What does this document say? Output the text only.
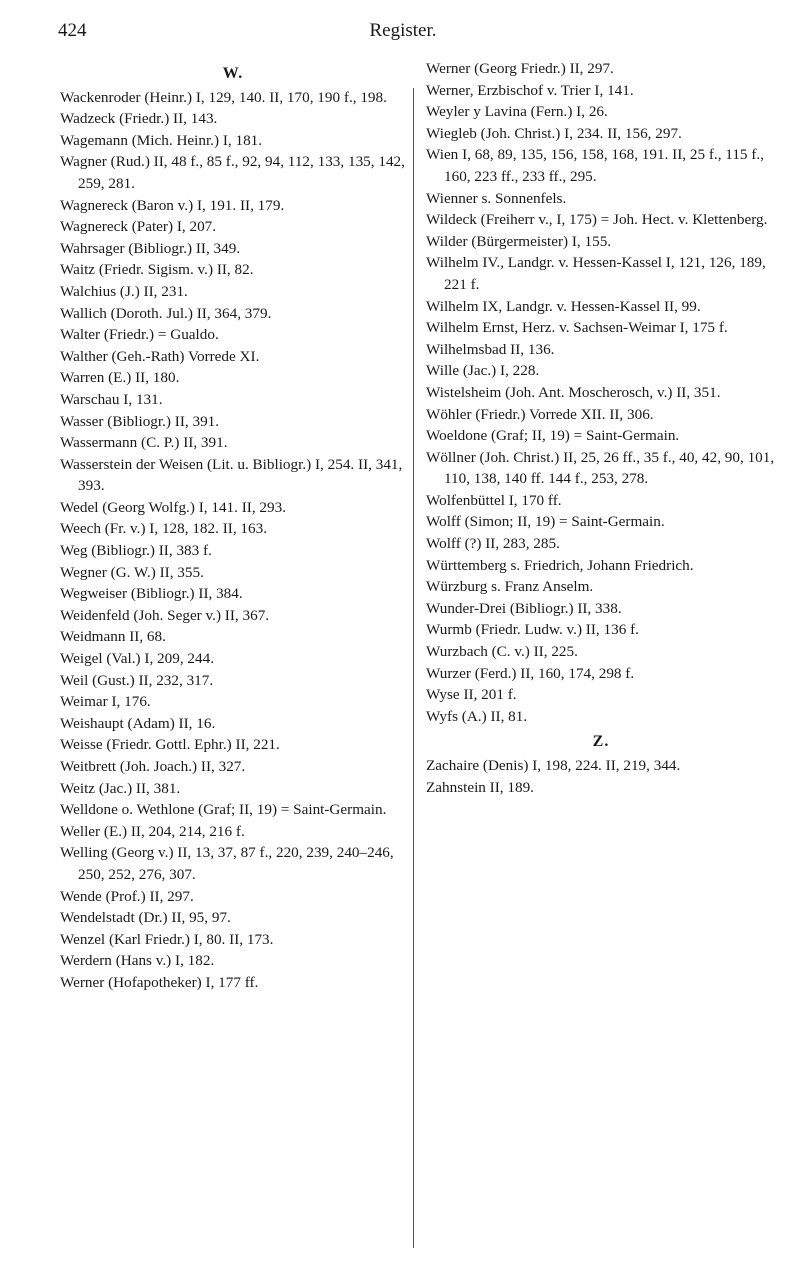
424	Register.
W.
Wackenroder (Heinr.) I, 129, 140. II, 170, 190 f., 198.
Wadzeck (Friedr.) II, 143.
Wagemann (Mich. Heinr.) I, 181.
Wagner (Rud.) II, 48 f., 85 f., 92, 94, 112, 133, 135, 142, 259, 281.
Wagnereck (Baron v.) I, 191. II, 179.
Wagnereck (Pater) I, 207.
Wahrsager (Bibliogr.) II, 349.
Waitz (Friedr. Sigism. v.) II, 82.
Walchius (J.) II, 231.
Wallich (Doroth. Jul.) II, 364, 379.
Walter (Friedr.) = Gualdo.
Walther (Geh.-Rath) Vorrede XI.
Warren (E.) II, 180.
Warschau I, 131.
Wasser (Bibliogr.) II, 391.
Wassermann (C. P.) II, 391.
Wasserstein der Weisen (Lit. u. Bibliogr.) I, 254. II, 341, 393.
Wedel (Georg Wolfg.) I, 141. II, 293.
Weech (Fr. v.) I, 128, 182. II, 163.
Weg (Bibliogr.) II, 383 f.
Wegner (G. W.) II, 355.
Wegweiser (Bibliogr.) II, 384.
Weidenfeld (Joh. Seger v.) II, 367.
Weidmann II, 68.
Weigel (Val.) I, 209, 244.
Weil (Gust.) II, 232, 317.
Weimar I, 176.
Weishaupt (Adam) II, 16.
Weisse (Friedr. Gottl. Ephr.) II, 221.
Weitbrett (Joh. Joach.) II, 327.
Weitz (Jac.) II, 381.
Welldone o. Wethlone (Graf; II, 19) = Saint-Germain.
Weller (E.) II, 204, 214, 216 f.
Welling (Georg v.) II, 13, 37, 87 f., 220, 239, 240–246, 250, 252, 276, 307.
Wende (Prof.) II, 297.
Wendelstadt (Dr.) II, 95, 97.
Wenzel (Karl Friedr.) I, 80. II, 173.
Werdern (Hans v.) I, 182.
Werner (Hofapotheker) I, 177 ff.
Werner (Georg Friedr.) II, 297.
Werner, Erzbischof v. Trier I, 141.
Weyler y Lavina (Fern.) I, 26.
Wiegleb (Joh. Christ.) I, 234. II, 156, 297.
Wien I, 68, 89, 135, 156, 158, 168, 191. II, 25 f., 115 f., 160, 223 ff., 233 ff., 295.
Wienner s. Sonnenfels.
Wildeck (Freiherr v., I, 175) = Joh. Hect. v. Klettenberg.
Wilder (Bürgermeister) I, 155.
Wilhelm IV., Landgr. v. Hessen-Kassel I, 121, 126, 189, 221 f.
Wilhelm IX, Landgr. v. Hessen-Kassel II, 99.
Wilhelm Ernst, Herz. v. Sachsen-Weimar I, 175 f.
Wilhelmsbad II, 136.
Wille (Jac.) I, 228.
Wistelsheim (Joh. Ant. Moscherosch, v.) II, 351.
Wöhler (Friedr.) Vorrede XII. II, 306.
Woeldone (Graf; II, 19) = Saint-Germain.
Wöllner (Joh. Christ.) II, 25, 26 ff., 35 f., 40, 42, 90, 101, 110, 138, 140 ff. 144 f., 253, 278.
Wolfenbüttel I, 170 ff.
Wolff (Simon; II, 19) = Saint-Germain.
Wolff (?) II, 283, 285.
Württemberg s. Friedrich, Johann Friedrich.
Würzburg s. Franz Anselm.
Wunder-Drei (Bibliogr.) II, 338.
Wurmb (Friedr. Ludw. v.) II, 136 f.
Wurzbach (C. v.) II, 225.
Wurzer (Ferd.) II, 160, 174, 298 f.
Wyse II, 201 f.
Wyfs (A.) II, 81.
Z.
Zachaire (Denis) I, 198, 224. II, 219, 344.
Zahnstein II, 189.
